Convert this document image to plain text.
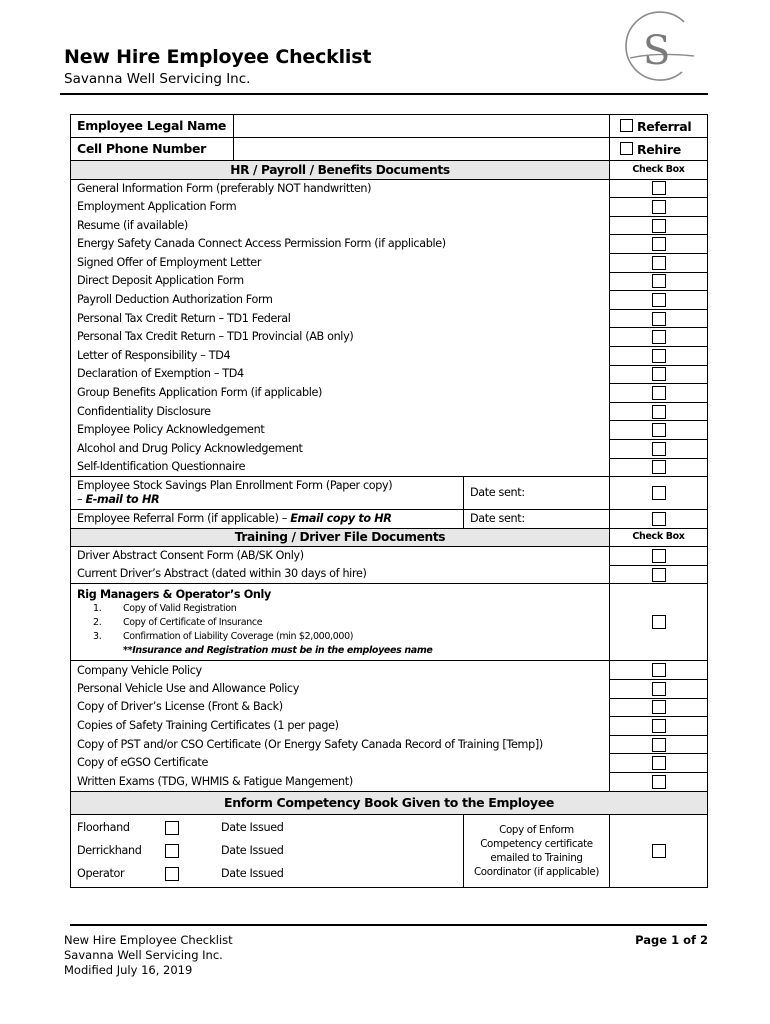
New Hire Employee Checklist
Savanna Well Servicing Inc.
S
Employee Legal Name		Referral
Cell Phone Number		Rehire
HR / Payroll / Benefits Documents	Check Box
General Information Form (preferably NOT handwritten)	
Employment Application Form	
Resume (if available)	
Energy Safety Canada Connect Access Permission Form (if applicable)	
Signed Offer of Employment Letter	
Direct Deposit Application Form	
Payroll Deduction Authorization Form	
Personal Tax Credit Return – TD1 Federal	
Personal Tax Credit Return – TD1 Provincial (AB only)	
Letter of Responsibility – TD4	
Declaration of Exemption – TD4	
Group Benefits Application Form (if applicable)	
Confidentiality Disclosure	
Employee Policy Acknowledgement	
Alcohol and Drug Policy Acknowledgement	
Self-Identification Questionnaire	

Employee Stock Savings Plan Enrollment Form (Paper copy)
– E-mail to HR
	Date sent:	
Employee Referral Form (if applicable) – Email copy to HR	Date sent:	
Training / Driver File Documents	Check Box
Driver Abstract Consent Form (AB/SK Only)	
Current Driver’s Abstract (dated within 30 days of hire)	

Rig Managers & Operator’s Only
1. Copy of Valid Registration
2. Copy of Certificate of Insurance
3. Confirmation of Liability Coverage (min $2,000,000)
**Insurance and Registration must be in the employees name

Company Vehicle Policy	
Personal Vehicle Use and Allowance Policy	
Copy of Driver’s License (Front & Back)	
Copies of Safety Training Certificates (1 per page)	
Copy of PST and/or CSO Certificate (Or Energy Safety Canada Record of Training [Temp])	
Copy of eGSO Certificate	
Written Exams (TDG, WHMIS & Fatigue Mangement)	
Enform Competency Book Given to the Employee

Floorhand		Date Issued
Derrickhand		Date Issued
Operator		Date Issued
	Copy of Enform Competency certificate emailed to Training Coordinator (if applicable)	
New Hire Employee Checklist
Savanna Well Servicing Inc.
Modified July 16, 2019
Page 1 of 2
